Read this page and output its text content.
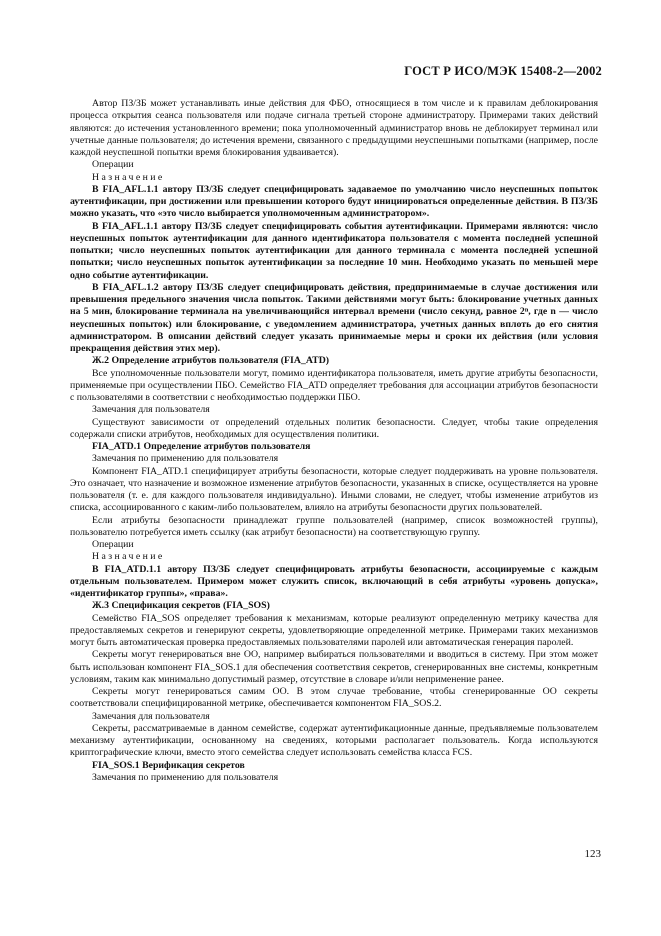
ГОСТ Р ИСО/МЭК 15408-2—2002

Автор ПЗ/ЗБ может устанавливать иные действия для ФБО, относящиеся в том числе и к правилам деблокирования процесса открытия сеанса пользователя или подаче сигнала третьей стороне администратору. Примерами таких действий являются: до истечения установленного времени; пока уполномоченный администратор вновь не деблокирует терминал или учетные данные пользователя; до истечения времени, связанного с предыдущими неуспешными попытками (например, после каждой неуспешной попытки время блокирования удваивается).

Операции

Назначение

В FIA_AFL.1.1 автору ПЗ/ЗБ следует специфицировать задаваемое по умолчанию число неуспешных попыток аутентификации, при достижении или превышении которого будут инициироваться определенные действия. В ПЗ/ЗБ можно указать, что «это число выбирается уполномоченным администратором».

В FIA_AFL.1.1 автору ПЗ/ЗБ следует специфицировать события аутентификации. Примерами являются: число неуспешных попыток аутентификации для данного идентификатора пользователя с момента последней успешной попытки; число неуспешных попыток аутентификации для данного терминала с момента последней успешной попытки; число неуспешных попыток аутентификации за последние 10 мин. Необходимо указать по меньшей мере одно событие аутентификации.

В FIA_AFL.1.2 автору ПЗ/ЗБ следует специфицировать действия, предпринимаемые в случае достижения или превышения предельного значения числа попыток. Такими действиями могут быть: блокирование учетных данных на 5 мин, блокирование терминала на увеличивающийся интервал времени (число секунд, равное 2ⁿ, где n — число неуспешных попыток) или блокирование, с уведомлением администратора, учетных данных вплоть до его снятия администратором. В описании действий следует указать принимаемые меры и сроки их действия (или условия прекращения действия этих мер).

Ж.2 Определение атрибутов пользователя (FIA_ATD)

Все уполномоченные пользователи могут, помимо идентификатора пользователя, иметь другие атрибуты безопасности, применяемые при осуществлении ПБО. Семейство FIA_ATD определяет требования для ассоциации атрибутов безопасности с пользователями в соответствии с необходимостью поддержки ПБО.

Замечания для пользователя

Существуют зависимости от определений отдельных политик безопасности. Следует, чтобы такие определения содержали списки атрибутов, необходимых для осуществления политики.

FIA_ATD.1 Определение атрибутов пользователя

Замечания по применению для пользователя

Компонент FIA_ATD.1 специфицирует атрибуты безопасности, которые следует поддерживать на уровне пользователя. Это означает, что назначение и возможное изменение атрибутов безопасности, указанных в списке, осуществляется на уровне пользователя (т. е. для каждого пользователя индивидуально). Иными словами, не следует, чтобы изменение атрибутов из списка, ассоциированного с каким-либо пользователем, влияло на атрибуты безопасности других пользователей.

Если атрибуты безопасности принадлежат группе пользователей (например, список возможностей группы), пользователю потребуется иметь ссылку (как атрибут безопасности) на соответствующую группу.

Операции

Назначение

В FIA_ATD.1.1 автору ПЗ/ЗБ следует специфицировать атрибуты безопасности, ассоциируемые с каждым отдельным пользователем. Примером может служить список, включающий в себя атрибуты «уровень допуска», «идентификатор группы», «права».

Ж.3 Спецификация секретов (FIA_SOS)

Семейство FIA_SOS определяет требования к механизмам, которые реализуют определенную метрику качества для предоставляемых секретов и генерируют секреты, удовлетворяющие определенной метрике. Примерами таких механизмов могут быть автоматическая проверка предоставляемых пользователями паролей или автоматическая генерация паролей.

Секреты могут генерироваться вне ОО, например выбираться пользователями и вводиться в систему. При этом может быть использован компонент FIA_SOS.1 для обеспечения соответствия секретов, сгенерированных вне системы, конкретным условиям, таким как минимально допустимый размер, отсутствие в словаре и/или неприменение ранее.

Секреты могут генерироваться самим ОО. В этом случае требование, чтобы сгенерированные ОО секреты соответствовали специфицированной метрике, обеспечивается компонентом FIA_SOS.2.

Замечания для пользователя

Секреты, рассматриваемые в данном семействе, содержат аутентификационные данные, предъявляемые пользователем механизму аутентификации, основанному на сведениях, которыми располагает пользователь. Когда используются криптографические ключи, вместо этого семейства следует использовать семейства класса FCS.

FIA_SOS.1 Верификация секретов

Замечания по применению для пользователя

123
